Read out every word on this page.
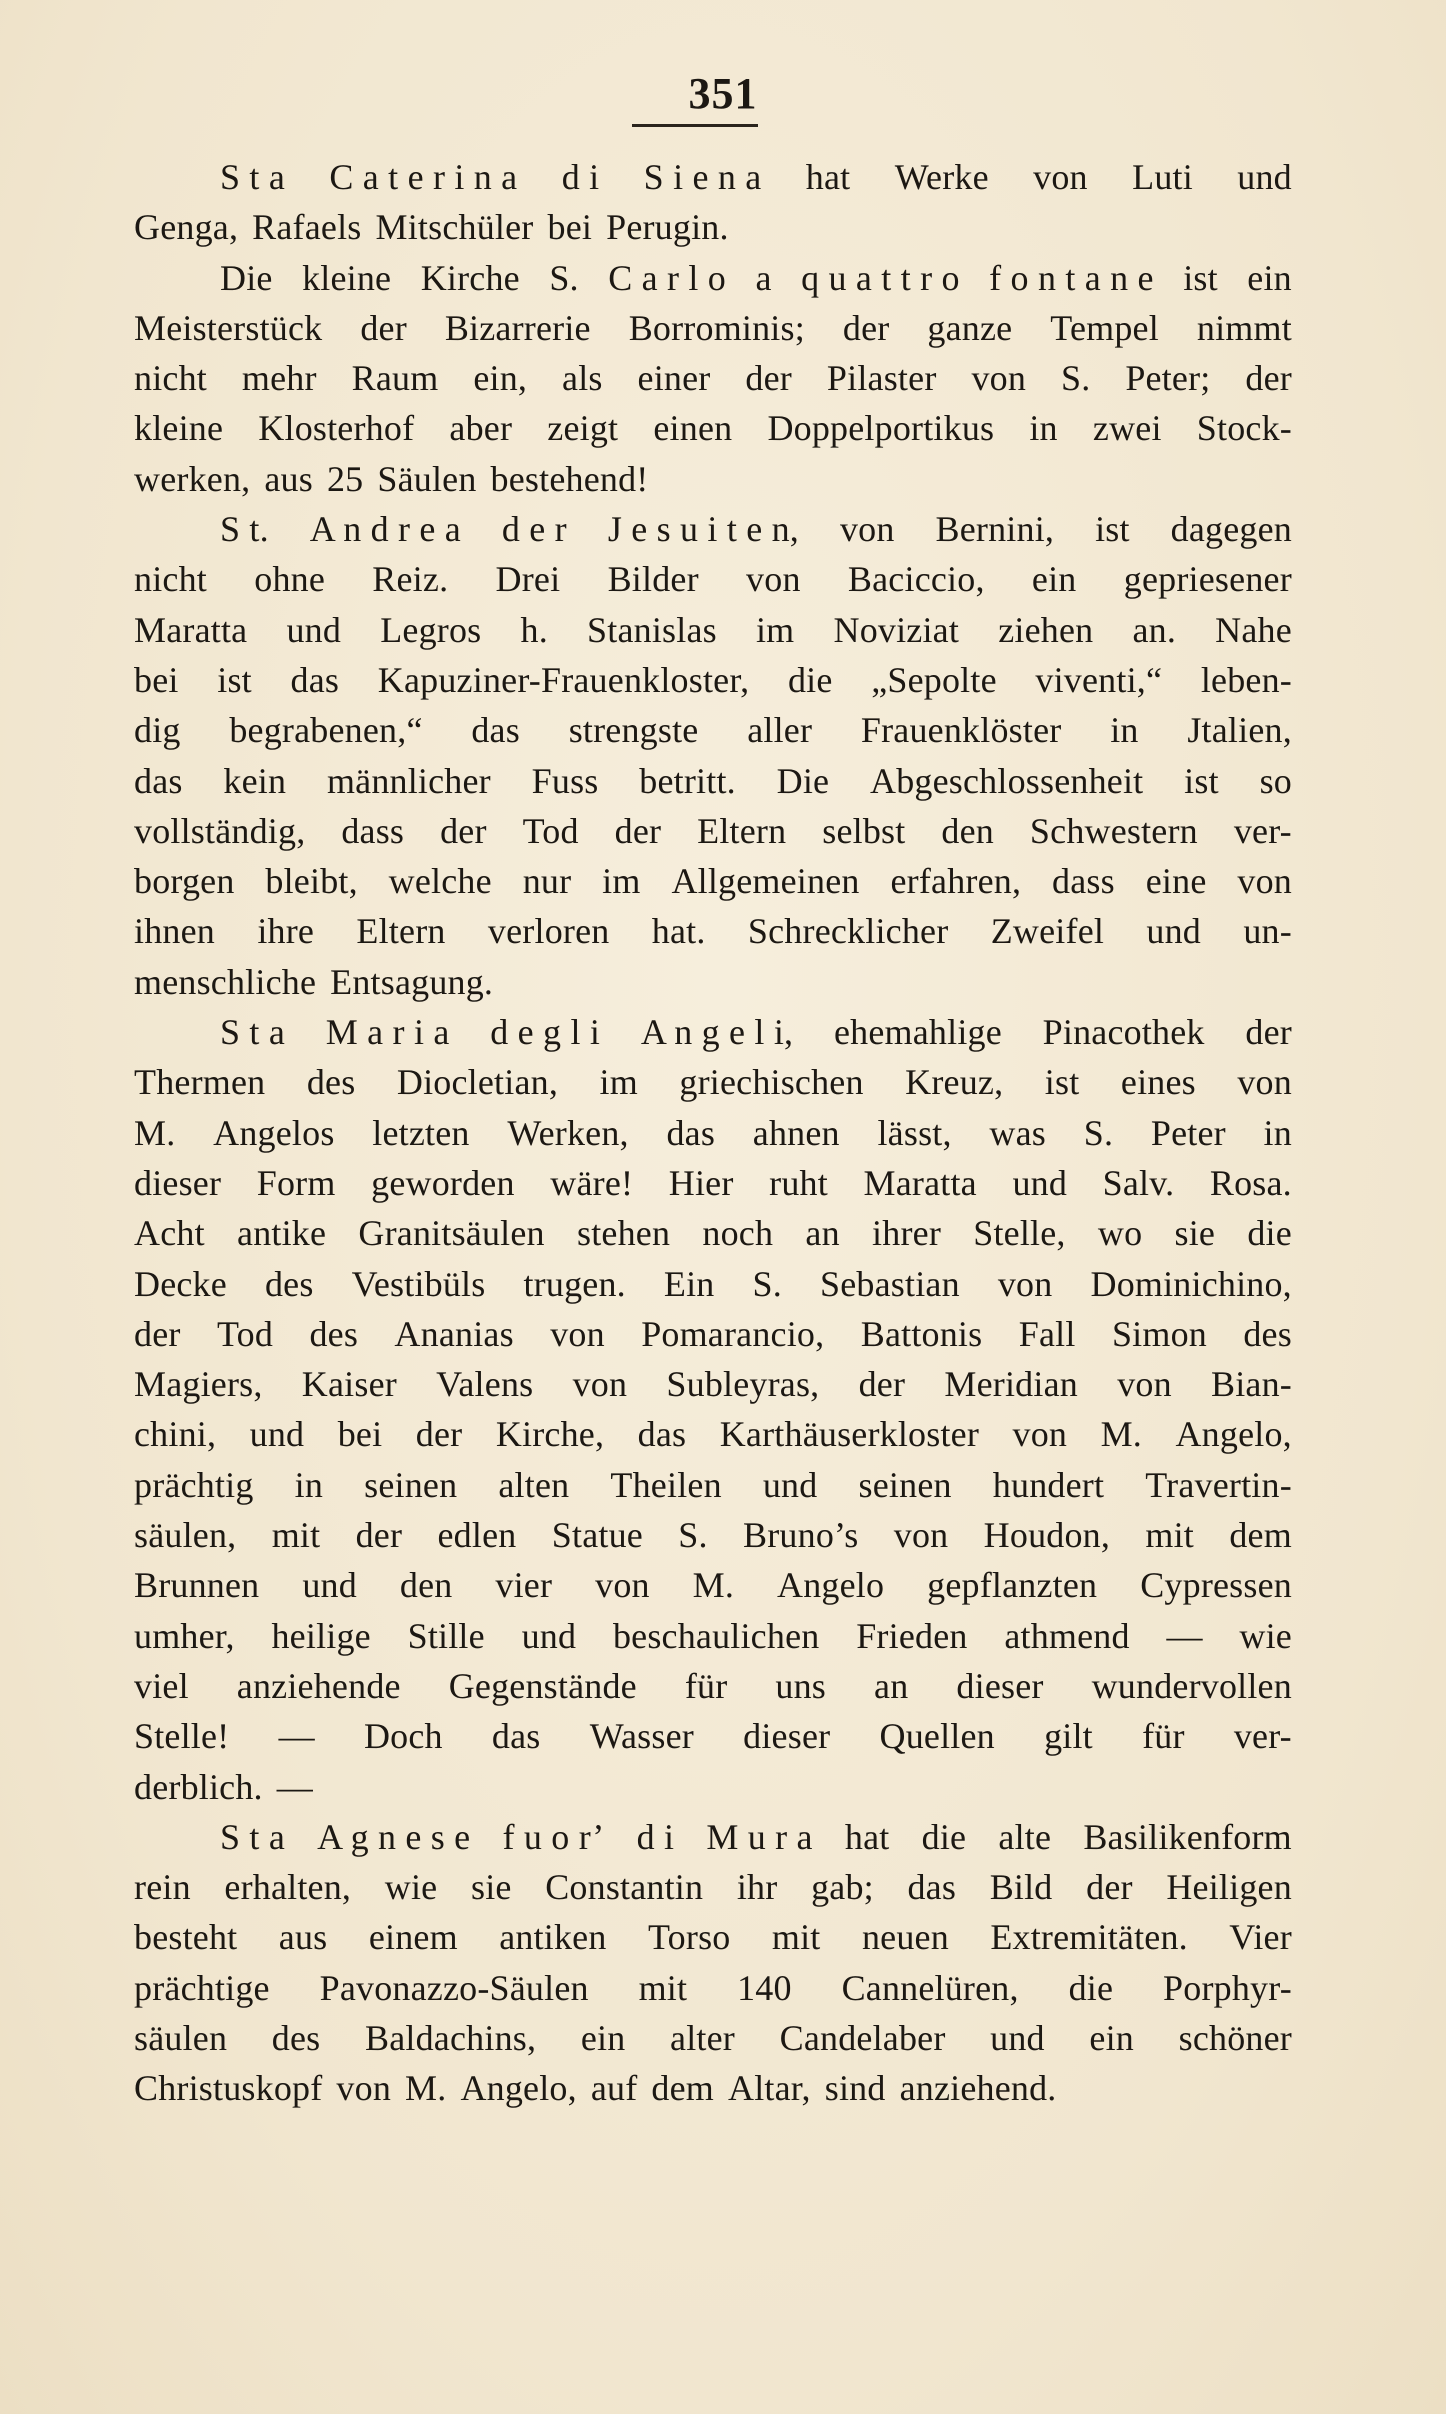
351
S t a C a t e r i n a d i S i e n a hat Werke von Luti und
Genga, Rafaels Mitschüler bei Perugin.
Die kleine Kirche S. C a r l o a q u a t t r o f o n t a n e ist ein
Meisterstück der Bizarrerie Borrominis; der ganze Tempel nimmt
nicht mehr Raum ein, als einer der Pilaster von S. Peter; der
kleine Klosterhof aber zeigt einen Doppelportikus in zwei Stock-
werken, aus 25 Säulen bestehend!
S t. A n d r e a d e r J e s u i t e n, von Bernini, ist dagegen
nicht ohne Reiz. Drei Bilder von Baciccio, ein gepriesener
Maratta und Legros h. Stanislas im Noviziat ziehen an. Nahe
bei ist das Kapuziner-Frauenkloster, die „Sepolte viventi,“ leben-
dig begrabenen,“ das strengste aller Frauenklöster in Jtalien,
das kein männlicher Fuss betritt. Die Abgeschlossenheit ist so
vollständig, dass der Tod der Eltern selbst den Schwestern ver-
borgen bleibt, welche nur im Allgemeinen erfahren, dass eine von
ihnen ihre Eltern verloren hat. Schrecklicher Zweifel und un-
menschliche Entsagung.
S t a M a r i a d e g l i A n g e l i, ehemahlige Pinacothek der
Thermen des Diocletian, im griechischen Kreuz, ist eines von
M. Angelos letzten Werken, das ahnen lässt, was S. Peter in
dieser Form geworden wäre! Hier ruht Maratta und Salv. Rosa.
Acht antike Granitsäulen stehen noch an ihrer Stelle, wo sie die
Decke des Vestibüls trugen. Ein S. Sebastian von Dominichino,
der Tod des Ananias von Pomarancio, Battonis Fall Simon des
Magiers, Kaiser Valens von Subleyras, der Meridian von Bian-
chini, und bei der Kirche, das Karthäuserkloster von M. Angelo,
prächtig in seinen alten Theilen und seinen hundert Travertin-
säulen, mit der edlen Statue S. Bruno’s von Houdon, mit dem
Brunnen und den vier von M. Angelo gepflanzten Cypressen
umher, heilige Stille und beschaulichen Frieden athmend — wie
viel anziehende Gegenstände für uns an dieser wundervollen
Stelle! — Doch das Wasser dieser Quellen gilt für ver-
derblich. —
S t a A g n e s e f u o r’ d i M u r a hat die alte Basilikenform
rein erhalten, wie sie Constantin ihr gab; das Bild der Heiligen
besteht aus einem antiken Torso mit neuen Extremitäten. Vier
prächtige Pavonazzo-Säulen mit 140 Cannelüren, die Porphyr-
säulen des Baldachins, ein alter Candelaber und ein schöner
Christuskopf von M. Angelo, auf dem Altar, sind anziehend.
